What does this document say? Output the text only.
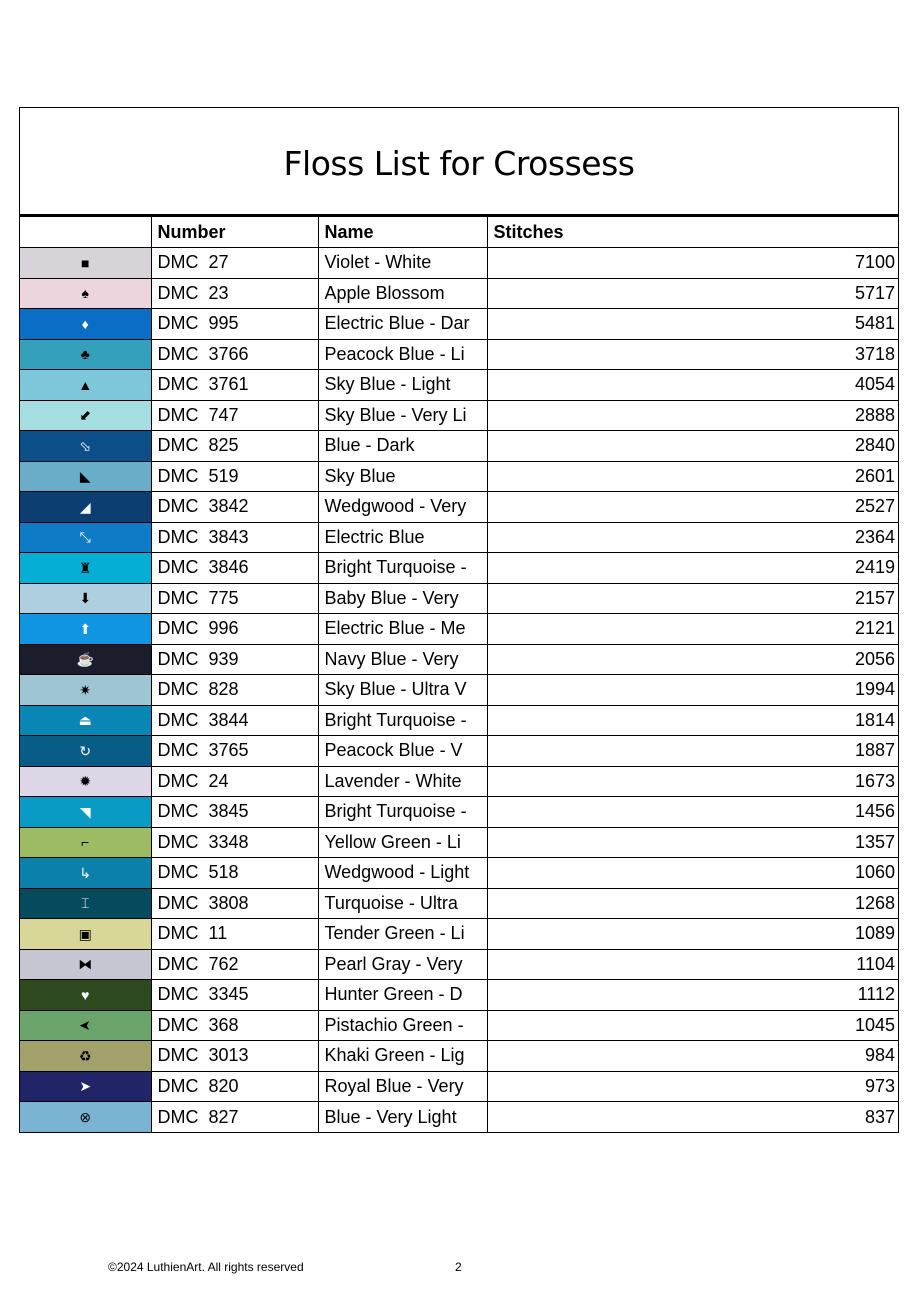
Floss List for Crossess
	Number	Name	Stitches
■	DMC 27	Violet - White	7100
♠	DMC 23	Apple Blossom	5717
♦	DMC 995	Electric Blue - Dar	5481
♣	DMC 3766	Peacock Blue - Li	3718
▲	DMC 3761	Sky Blue - Light	4054
⬋	DMC 747	Sky Blue - Very Li	2888
⬂	DMC 825	Blue - Dark	2840
◣	DMC 519	Sky Blue	2601
◢	DMC 3842	Wedgwood - Very	2527
⤡	DMC 3843	Electric Blue	2364
♜	DMC 3846	Bright Turquoise -	2419
⬇	DMC 775	Baby Blue - Very	2157
⬆	DMC 996	Electric Blue - Me	2121
☕	DMC 939	Navy Blue - Very	2056
✷	DMC 828	Sky Blue - Ultra V	1994
⏏	DMC 3844	Bright Turquoise -	1814
↻	DMC 3765	Peacock Blue - V	1887
✹	DMC 24	Lavender - White	1673
◥	DMC 3845	Bright Turquoise -	1456
⌐	DMC 3348	Yellow Green - Li	1357
↳	DMC 518	Wedgwood - Light	1060
⌶	DMC 3808	Turquoise - Ultra	1268
▣	DMC 11	Tender Green - Li	1089
⧓	DMC 762	Pearl Gray - Very	1104
♥	DMC 3345	Hunter Green - D	1112
➤	DMC 368	Pistachio Green -	1045
♻	DMC 3013	Khaki Green - Lig	984
➤	DMC 820	Royal Blue - Very	973
⊗	DMC 827	Blue - Very Light	837
©2024 LuthienArt. All rights reserved	2
